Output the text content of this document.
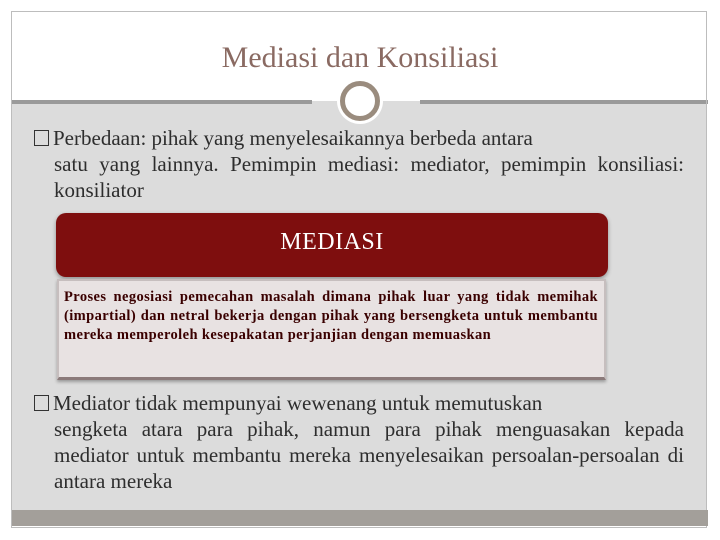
Mediasi dan Konsiliasi
Perbedaan: pihak yang menyelesaikannya berbeda antara
satu yang lainnya. Pemimpin mediasi: mediator, pemimpin konsiliasi: konsiliator
MEDIASI
Proses negosiasi pemecahan masalah dimana pihak luar yang tidak memihak (impartial) dan netral bekerja dengan pihak yang bersengketa untuk membantu mereka memperoleh kesepakatan perjanjian dengan memuaskan
Mediator tidak mempunyai wewenang untuk memutuskan
sengketa atara para pihak, namun para pihak menguasakan kepada mediator untuk membantu mereka menyelesaikan persoalan-persoalan di antara mereka
